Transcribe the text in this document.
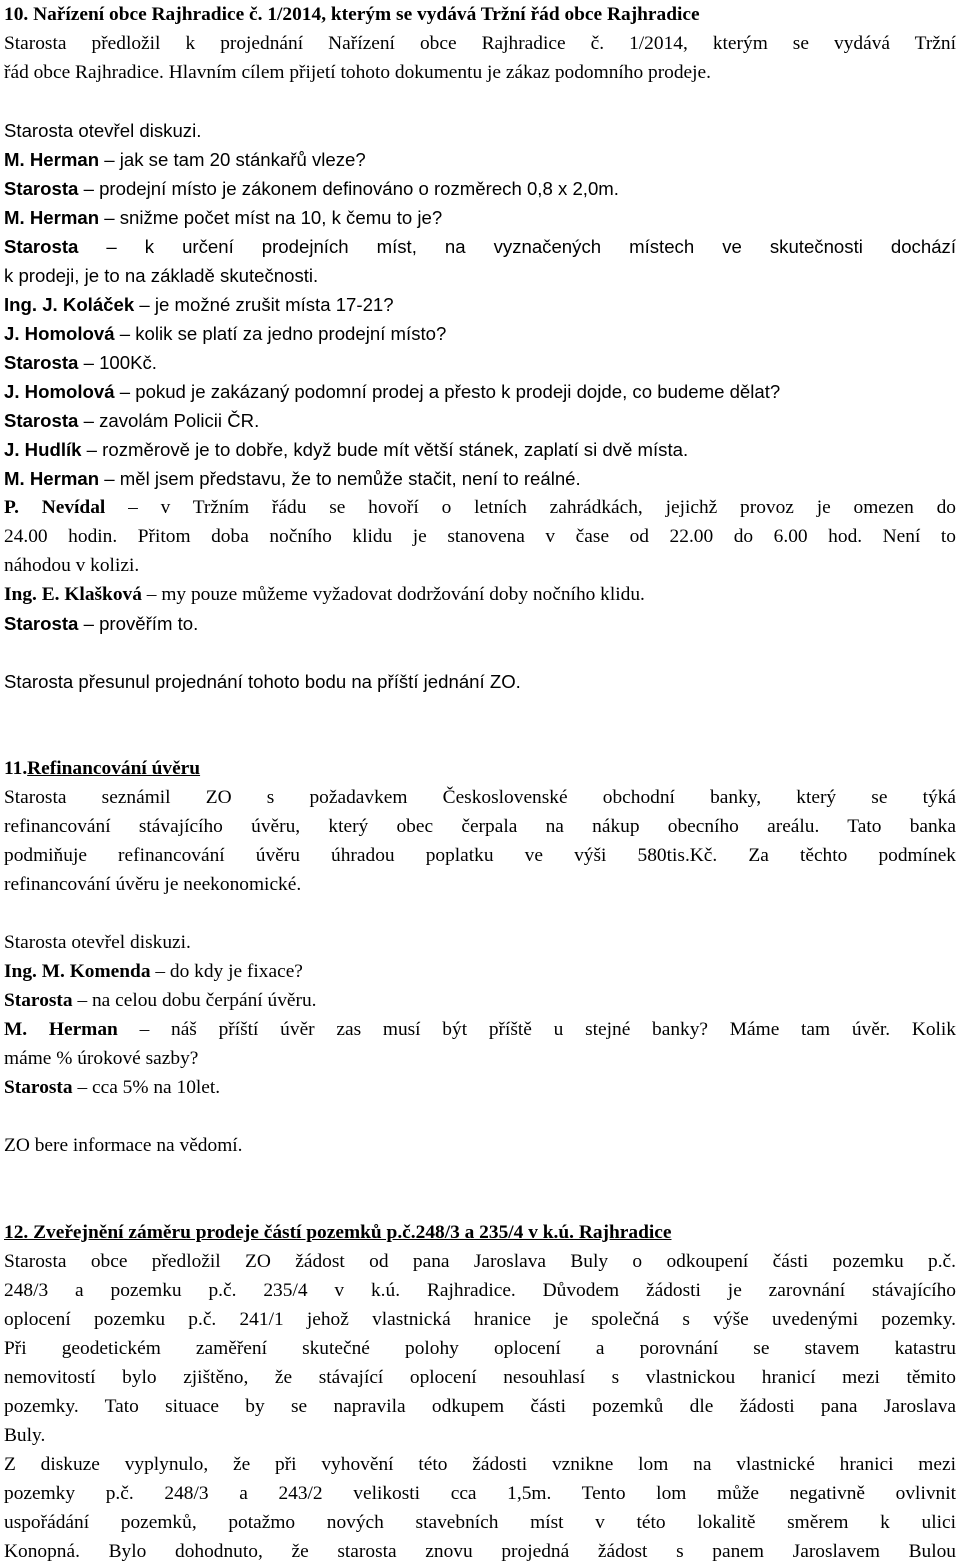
10. Nařízení obce Rajhradice č. 1/2014, kterým se vydává Tržní řád obce Rajhradice
Starosta předložil k projednání Nařízení obce Rajhradice č. 1/2014, kterým se vydává Tržní
řád obce Rajhradice. Hlavním cílem přijetí tohoto dokumentu je zákaz podomního prodeje.
Starosta otevřel diskuzi.
M. Herman – jak se tam 20 stánkařů vleze?
Starosta – prodejní místo je zákonem definováno o rozměrech 0,8 x 2,0m.
M. Herman – snižme počet míst na 10, k čemu to je?
Starosta – k určení prodejních míst, na vyznačených místech ve skutečnosti dochází
k prodeji, je to na základě skutečnosti.
Ing. J. Koláček – je možné zrušit místa 17-21?
J. Homolová – kolik se platí za jedno prodejní místo?
Starosta – 100Kč.
J. Homolová – pokud je zakázaný podomní prodej a přesto k prodeji dojde, co budeme dělat?
Starosta – zavolám Policii ČR.
J. Hudlík – rozměrově je to dobře, když bude mít větší stánek, zaplatí si dvě místa.
M. Herman – měl jsem představu, že to nemůže stačit, není to reálné.
P. Nevídal – v Tržním řádu se hovoří o letních zahrádkách, jejichž provoz je omezen do
24.00 hodin. Přitom doba nočního klidu je stanovena v čase od 22.00 do 6.00 hod. Není to
náhodou v kolizi.
Ing. E. Klašková – my pouze můžeme vyžadovat dodržování doby nočního klidu.
Starosta – prověřím to.
Starosta přesunul projednání tohoto bodu na příští jednání ZO.
11.Refinancování úvěru
Starosta seznámil ZO s požadavkem Československé obchodní banky, který se týká
refinancování stávajícího úvěru, který obec čerpala na nákup obecního areálu. Tato banka
podmiňuje refinancování úvěru úhradou poplatku ve výši 580tis.Kč. Za těchto podmínek
refinancování úvěru je neekonomické.
Starosta otevřel diskuzi.
Ing. M. Komenda – do kdy je fixace?
Starosta – na celou dobu čerpání úvěru.
M. Herman – náš příští úvěr zas musí být příště u stejné banky? Máme tam úvěr. Kolik
máme % úrokové sazby?
Starosta – cca 5% na 10let.
ZO bere informace na vědomí.
12. Zveřejnění záměru prodeje částí pozemků p.č.248/3 a 235/4 v k.ú. Rajhradice
Starosta obce předložil ZO žádost od pana Jaroslava Buly o odkoupení části pozemku p.č.
248/3 a pozemku p.č. 235/4 v k.ú. Rajhradice. Důvodem žádosti je zarovnání stávajícího
oplocení pozemku p.č. 241/1 jehož vlastnická hranice je společná s výše uvedenými pozemky.
Při geodetickém zaměření skutečné polohy oplocení a porovnání se stavem katastru
nemovitostí bylo zjištěno, že stávající oplocení nesouhlasí s vlastnickou hranicí mezi těmito
pozemky. Tato situace by se napravila odkupem části pozemků dle žádosti pana Jaroslava
Buly.
Z diskuze vyplynulo, že při vyhovění této žádosti vznikne lom na vlastnické hranici mezi
pozemky p.č. 248/3 a 243/2 velikosti cca 1,5m. Tento lom může negativně ovlivnit
uspořádání pozemků, potažmo nových stavebních míst v této lokalitě směrem k ulici
Konopná. Bylo dohodnuto, že starosta znovu projedná žádost s panem Jaroslavem Bulou
